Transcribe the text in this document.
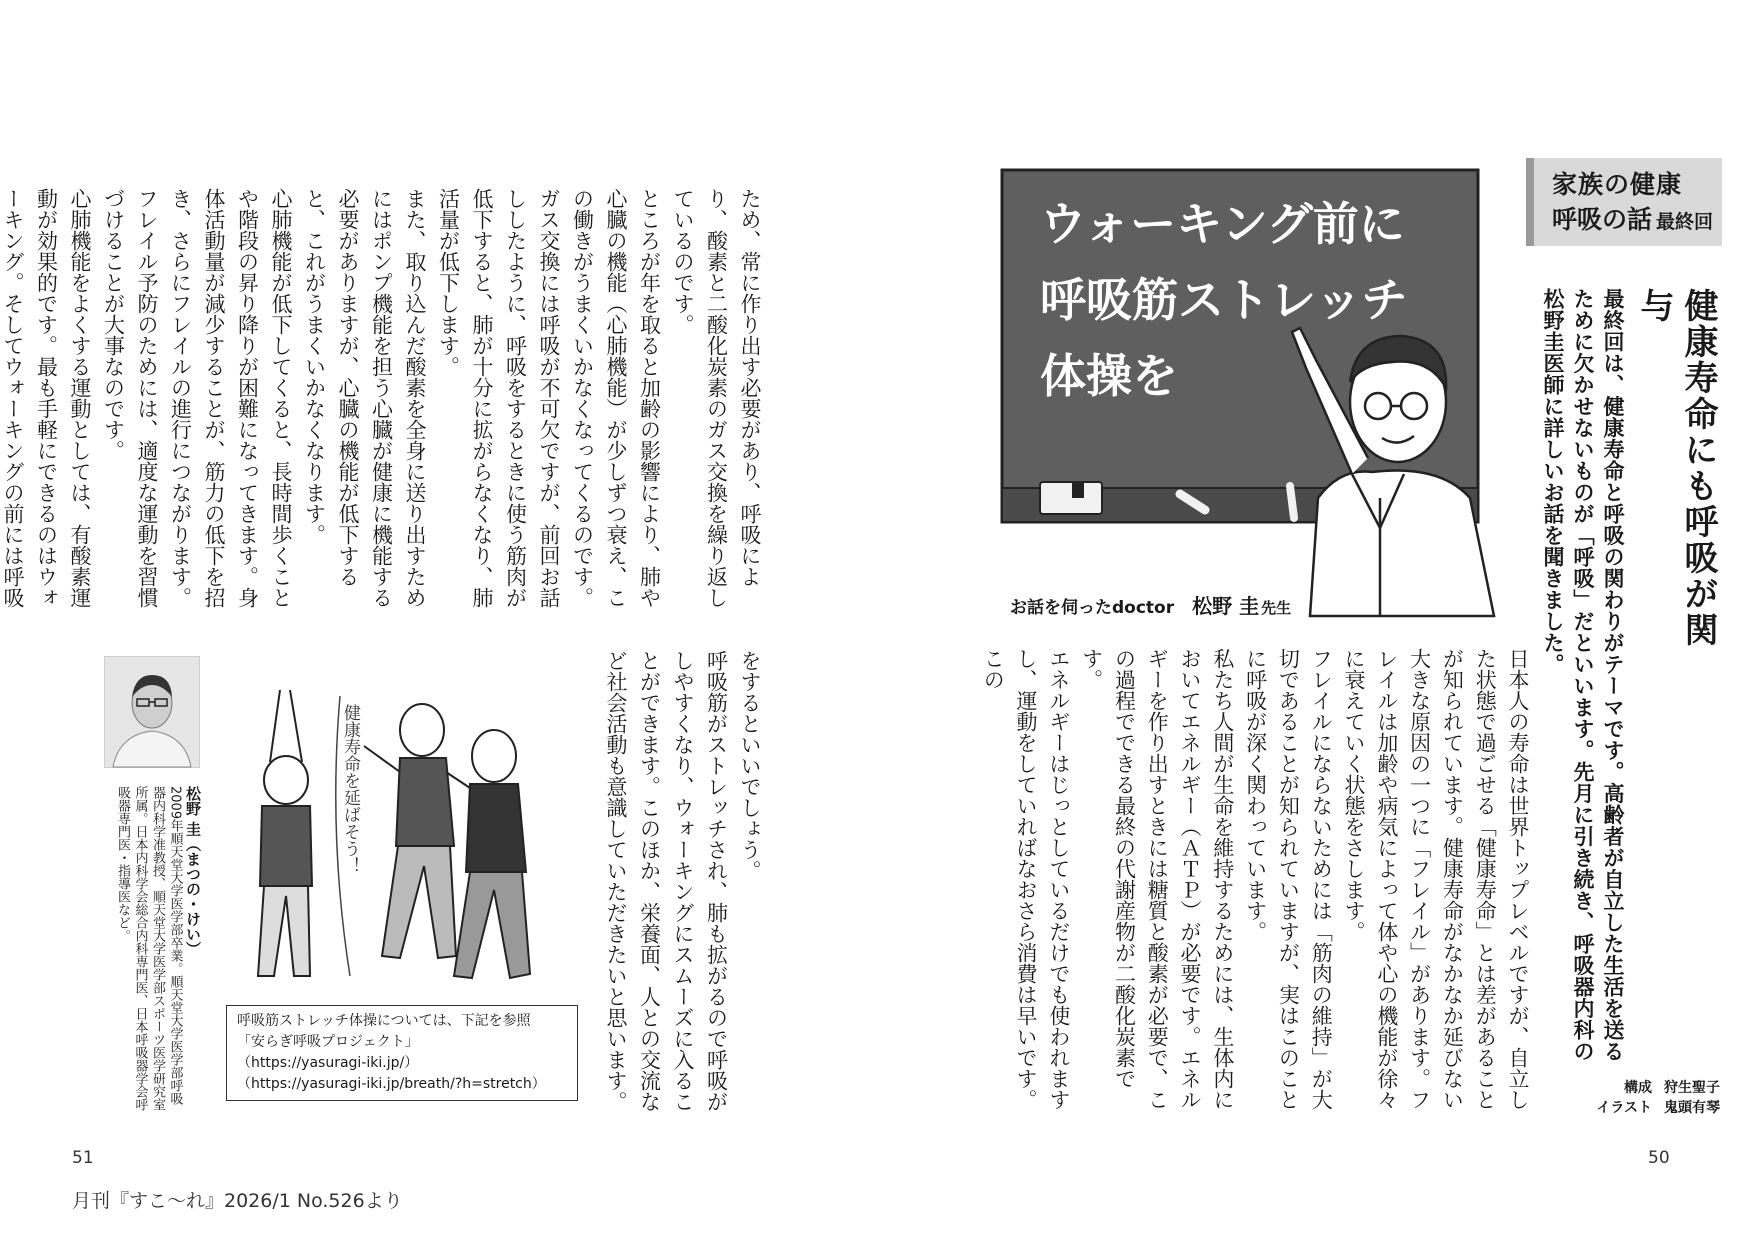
家族の健康
呼吸の話 最終回
健康寿命にも呼吸が関与
最終回は、健康寿命と呼吸の関わりがテーマです。高齢者が自立した生活を送るために欠かせないものが「呼吸」だといいます。先月に引き続き、呼吸器内科の松野圭医師に詳しいお話を聞きました。
構成 狩生聖子
イラスト 鬼頭有琴
ウォーキング前に
呼吸筋ストレッチ
体操を
お話を伺ったdoctor 松野 圭 先生
日本人の寿命は世界トップレベルですが、自立した状態で過ごせる「健康寿命」とは差があることが知られています。健康寿命がなかなか延びない大きな原因の一つに「フレイル」があります。フレイルは加齢や病気によって体や心の機能が徐々に衰えていく状態をさします。
フレイルにならないためには「筋肉の維持」が大切であることが知られていますが、実はこのことに呼吸が深く関わっています。
私たち人間が生命を維持するためには、生体内においてエネルギー（ＡＴＰ）が必要です。エネルギーを作り出すときには糖質と酸素が必要で、この過程でできる最終の代謝産物が二酸化炭素です。
エネルギーはじっとしているだけでも使われますし、運動をしていればなおさら消費は早いです。この
50
ため、常に作り出す必要があり、呼吸により、酸素と二酸化炭素のガス交換を繰り返しているのです。
ところが年を取ると加齢の影響により、肺や心臓の機能（心肺機能）が少しずつ衰え、この働きがうまくいかなくなってくるのです。ガス交換には呼吸が不可欠ですが、前回お話ししたように、呼吸をするときに使う筋肉が低下すると、肺が十分に拡がらなくなり、肺活量が低下します。
また、取り込んだ酸素を全身に送り出すためにはポンプ機能を担う心臓が健康に機能する必要がありますが、心臓の機能が低下すると、これがうまくいかなくなります。
心肺機能が低下してくると、長時間歩くことや階段の昇り降りが困難になってきます。身体活動量が減少することが、筋力の低下を招き、さらにフレイルの進行につながります。フレイル予防のためには、適度な運動を習慣づけることが大事なのです。
心肺機能をよくする運動としては、有酸素運動が効果的です。最も手軽にできるのはウォーキング。そしてウォーキングの前には呼吸
をするといいでしょう。
呼吸筋がストレッチされ、肺も拡がるので呼吸がしやすくなり、ウォーキングにスムーズに入ることができます。このほか、栄養面、人との交流など社会活動も意識していただきたいと思います。
健康寿命を延ばそう！
松野 圭（まつの・けい）
2009年順天堂大学医学部卒業。順天堂大学医学部呼吸器内科学准教授、順天堂大学医学部スポーツ医学研究室所属。日本内科学会総合内科専門医、日本呼吸器学会呼吸器専門医・指導医など。
呼吸筋ストレッチ体操については、下記を参照
「安らぎ呼吸プロジェクト」
（https://yasuragi-iki.jp/）
（https://yasuragi-iki.jp/breath/?h=stretch）
51
月刊『すこ～れ』2026/1 No.526より
